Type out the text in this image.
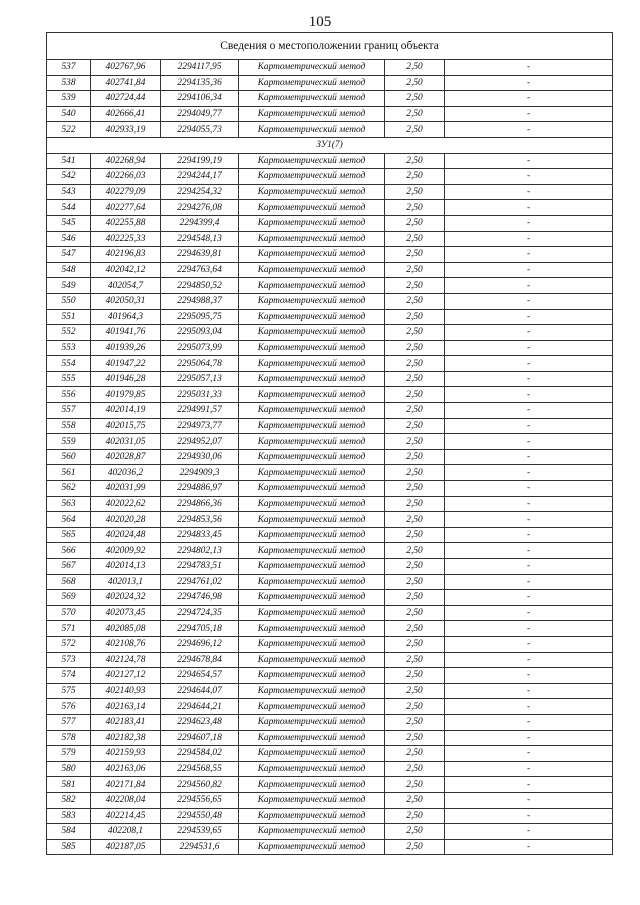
105
Сведения о местоположении границ объекта					
537	402767,96	2294117,95	Картометрический метод	2,50	-
538	402741,84	2294135,36	Картометрический метод	2,50	-
539	402724,44	2294106,34	Картометрический метод	2,50	-
540	402666,41	2294049,77	Картометрический метод	2,50	-
522	402933,19	2294055,73	Картометрический метод	2,50	-
ЗУ1(7)					
541	402268,94	2294199,19	Картометрический метод	2,50	-
542	402266,03	2294244,17	Картометрический метод	2,50	-
543	402279,09	2294254,32	Картометрический метод	2,50	-
544	402277,64	2294276,08	Картометрический метод	2,50	-
545	402255,88	2294399,4	Картометрический метод	2,50	-
546	402225,33	2294548,13	Картометрический метод	2,50	-
547	402196,83	2294639,81	Картометрический метод	2,50	-
548	402042,12	2294763,64	Картометрический метод	2,50	-
549	402054,7	2294850,52	Картометрический метод	2,50	-
550	402050,31	2294988,37	Картометрический метод	2,50	-
551	401964,3	2295095,75	Картометрический метод	2,50	-
552	401941,76	2295093,04	Картометрический метод	2,50	-
553	401939,26	2295073,99	Картометрический метод	2,50	-
554	401947,22	2295064,78	Картометрический метод	2,50	-
555	401946,28	2295057,13	Картометрический метод	2,50	-
556	401979,85	2295031,33	Картометрический метод	2,50	-
557	402014,19	2294991,57	Картометрический метод	2,50	-
558	402015,75	2294973,77	Картометрический метод	2,50	-
559	402031,05	2294952,07	Картометрический метод	2,50	-
560	402028,87	2294930,06	Картометрический метод	2,50	-
561	402036,2	2294909,3	Картометрический метод	2,50	-
562	402031,99	2294886,97	Картометрический метод	2,50	-
563	402022,62	2294866,36	Картометрический метод	2,50	-
564	402020,28	2294853,56	Картометрический метод	2,50	-
565	402024,48	2294833,45	Картометрический метод	2,50	-
566	402009,92	2294802,13	Картометрический метод	2,50	-
567	402014,13	2294783,51	Картометрический метод	2,50	-
568	402013,1	2294761,02	Картометрический метод	2,50	-
569	402024,32	2294746,98	Картометрический метод	2,50	-
570	402073,45	2294724,35	Картометрический метод	2,50	-
571	402085,08	2294705,18	Картометрический метод	2,50	-
572	402108,76	2294696,12	Картометрический метод	2,50	-
573	402124,78	2294678,84	Картометрический метод	2,50	-
574	402127,12	2294654,57	Картометрический метод	2,50	-
575	402140,93	2294644,07	Картометрический метод	2,50	-
576	402163,14	2294644,21	Картометрический метод	2,50	-
577	402183,41	2294623,48	Картометрический метод	2,50	-
578	402182,38	2294607,18	Картометрический метод	2,50	-
579	402159,93	2294584,02	Картометрический метод	2,50	-
580	402163,06	2294568,55	Картометрический метод	2,50	-
581	402171,84	2294560,82	Картометрический метод	2,50	-
582	402208,04	2294556,65	Картометрический метод	2,50	-
583	402214,45	2294550,48	Картометрический метод	2,50	-
584	402208,1	2294539,65	Картометрический метод	2,50	-
585	402187,05	2294531,6	Картометрический метод	2,50	-
